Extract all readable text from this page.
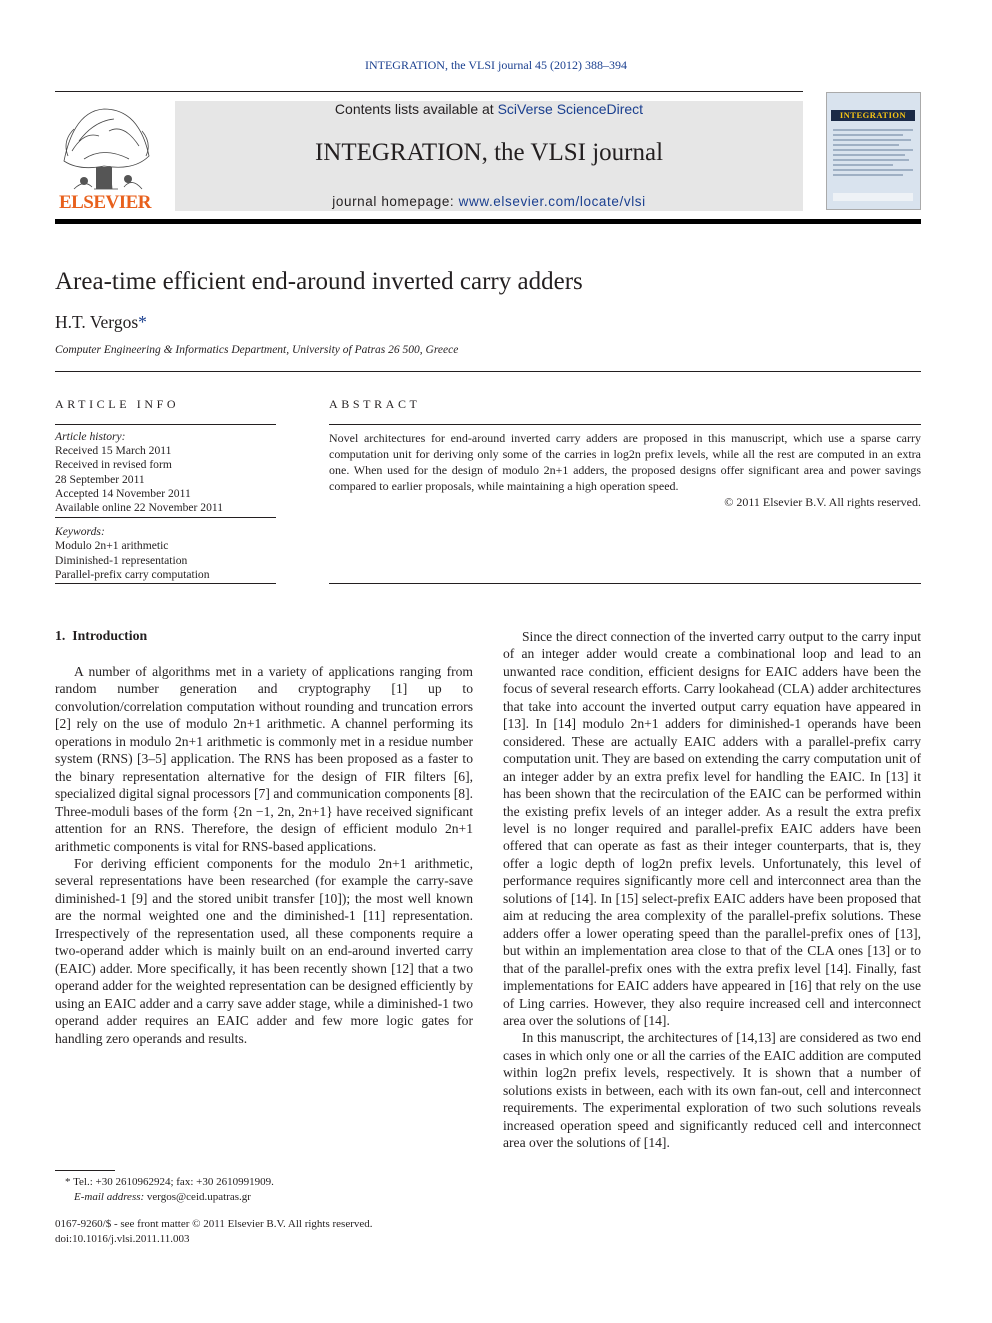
INTEGRATION, the VLSI journal 45 (2012) 388–394
ELSEVIER
Contents lists available at SciVerse ScienceDirect
INTEGRATION, the VLSI journal
journal homepage: www.elsevier.com/locate/vlsi
INTEGRATION
Area-time efficient end-around inverted carry adders
H.T. Vergos*
Computer Engineering & Informatics Department, University of Patras 26 500, Greece
ARTICLE INFO	ABSTRACT
Article history:
Received 15 March 2011
Received in revised form
28 September 2011
Accepted 14 November 2011
Available online 22 November 2011
Keywords:
Modulo 2n+1 arithmetic
Diminished-1 representation
Parallel-prefix carry computation
Novel architectures for end-around inverted carry adders are proposed in this manuscript, which use a sparse carry computation unit for deriving only some of the carries in log2n prefix levels, while all the rest are computed in an extra one. When used for the design of modulo 2n+1 adders, the proposed designs offer significant area and power savings compared to earlier proposals, while maintaining a high operation speed.
© 2011 Elsevier B.V. All rights reserved.
1. Introduction

A number of algorithms met in a variety of applications ranging from random number generation and cryptography [1] up to convolution/correlation computation without rounding and truncation errors [2] rely on the use of modulo 2n+1 arithmetic. A channel performing its operations in modulo 2n+1 arithmetic is commonly met in a residue number system (RNS) [3–5] application. The RNS has been proposed as a faster to the binary representation alternative for the design of FIR filters [6], specialized digital signal processors [7] and communication components [8]. Three-moduli bases of the form {2n −1, 2n, 2n+1} have received significant attention for an RNS. Therefore, the design of efficient modulo 2n+1 arithmetic components is vital for RNS-based applications.

For deriving efficient components for the modulo 2n+1 arithmetic, several representations have been researched (for example the carry-save diminished-1 [9] and the stored unibit transfer [10]); the most well known are the normal weighted one and the diminished-1 [11] representation. Irrespectively of the representation used, all these components require a two-operand adder which is mainly built on an end-around inverted carry (EAIC) adder. More specifically, it has been recently shown [12] that a two operand adder for the weighted representation can be designed efficiently by using an EAIC adder and a carry save adder stage, while a diminished-1 two operand adder requires an EAIC adder and few more logic gates for handling zero operands and results.

Since the direct connection of the inverted carry output to the carry input of an integer adder would create a combinational loop and lead to an unwanted race condition, efficient designs for EAIC adders have been the focus of several research efforts. Carry lookahead (CLA) adder architectures that take into account the inverted output carry equation have appeared in [13]. In [14] modulo 2n+1 adders for diminished-1 operands have been considered. These are actually EAIC adders with a parallel-prefix carry computation unit. They are based on extending the carry computation unit of an integer adder by an extra prefix level for handling the EAIC. In [13] it has been shown that the recirculation of the EAIC can be performed within the existing prefix levels of an integer adder. As a result the extra prefix level is no longer required and parallel-prefix EAIC adders have been offered that can operate as fast as their integer counterparts, that is, they offer a logic depth of log2n prefix levels. Unfortunately, this level of performance requires significantly more cell and interconnect area than the solutions of [14]. In [15] select-prefix EAIC adders have been proposed that aim at reducing the area complexity of the parallel-prefix solutions. These adders offer a lower operating speed than the parallel-prefix ones of [13], but within an implementation area close to that of the CLA ones [13] or to that of the parallel-prefix ones with the extra prefix level [14]. Finally, fast implementations for EAIC adders have appeared in [16] that rely on the use of Ling carries. However, they also require increased cell and interconnect area over the solutions of [14].

In this manuscript, the architectures of [14,13] are considered as two end cases in which only one or all the carries of the EAIC addition are computed within log2n prefix levels, respectively. It is shown that a number of solutions exists in between, each with its own fan-out, cell and interconnect requirements. The experimental exploration of two such solutions reveals increased operation speed and significantly reduced cell and interconnect area over the solutions of [14].

* Tel.: +30 2610962924; fax: +30 2610991909.
E-mail address: vergos@ceid.upatras.gr
0167-9260/$ - see front matter © 2011 Elsevier B.V. All rights reserved.
doi:10.1016/j.vlsi.2011.11.003
